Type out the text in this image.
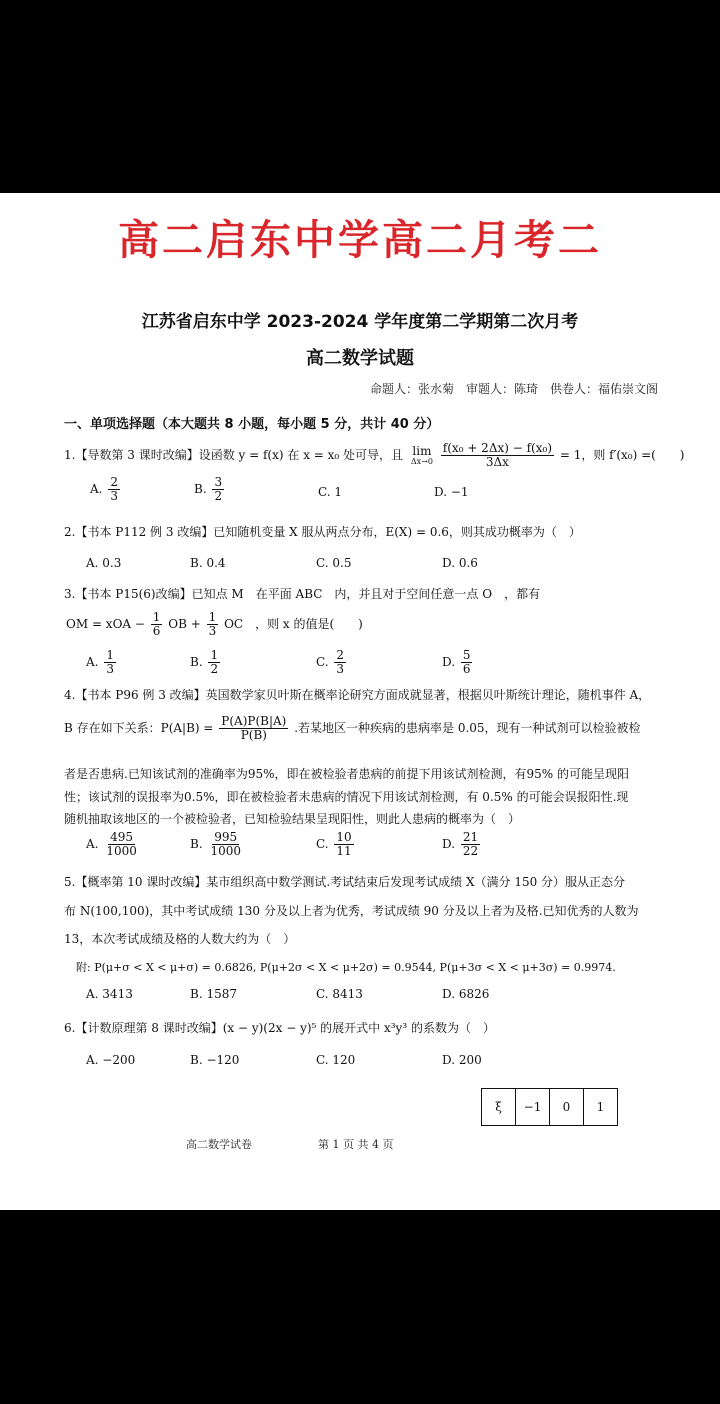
高二启东中学高二月考二
江苏省启东中学 2023-2024 学年度第二学期第二次月考
高二数学试题
命题人：张水菊　审题人：陈琦　供卷人：福佑崇文阁
一、单项选择题（本大题共 8 小题，每小题 5 分，共计 40 分）
1.【导数第 3 课时改编】设函数 y = f(x) 在 x = x₀ 处可导，且 lim
Δx→0
$\frac{\text{f(x₀ + 2Δx) − f(x₀)}}{3\Delta x} = 1$，则 f′(x₀) =(　　)
A. $\frac{2}{3}$	B. $\frac{3}{2}$	C. 1	D. −1
2.【书本 P112 例 3 改编】已知随机变量 X 服从两点分布，E(X) = 0.6，则其成功概率为（　）
A. 0.3	B. 0.4	C. 0.5	D. 0.6
3.【书本 P15(6)改编】已知点 M　在平面 ABC　内，并且对于空间任意一点 O　，都有
OM = xOA − $\frac{1}{6}$ OB + $\frac{1}{3}$ OC　，则 x 的值是(　　)
A. $\frac{1}{3}$	B. $\frac{1}{2}$	C. $\frac{2}{3}$	D. $\frac{5}{6}$
4.【书本 P96 例 3 改编】英国数学家贝叶斯在概率论研究方面成就显著，根据贝叶斯统计理论，随机事件 A，
B 存在如下关系：$P(A|B) = \frac{P(A)P(B|A)}{P(B)}$ .若某地区一种疾病的患病率是 0.05，现有一种试剂可以检验被检
者是否患病.已知该试剂的准确率为95%，即在被检验者患病的前提下用该试剂检测，有95% 的可能呈现阳
性；该试剂的误报率为0.5%，即在被检验者未患病的情况下用该试剂检测，有 0.5% 的可能会误报阳性.现
随机抽取该地区的一个被检验者，已知检验结果呈现阳性，则此人患病的概率为（　）
A. $\frac{495}{1000}$	B. $\frac{995}{1000}$	C. $\frac{10}{11}$	D. $\frac{21}{22}$
5.【概率第 10 课时改编】某市组织高中数学测试.考试结束后发现考试成绩 X（满分 150 分）服从正态分
布 N(100,100)，其中考试成绩 130 分及以上者为优秀，考试成绩 90 分及以上者为及格.已知优秀的人数为
13，本次考试成绩及格的人数大约为（　）
附: P(μ+σ < X < μ+σ) = 0.6826, P(μ+2σ < X < μ+2σ) = 0.9544, P(μ+3σ < X < μ+3σ) = 0.9974.
A. 3413	B. 1587	C. 8413	D. 6826
6.【计数原理第 8 课时改编】(x − y)(2x − y)⁵ 的展开式中 x³y³ 的系数为（　）
A. −200	B. −120	C. 120	D. 200
ξ	−1	0	1
高二数学试卷	第 1 页 共 4 页
